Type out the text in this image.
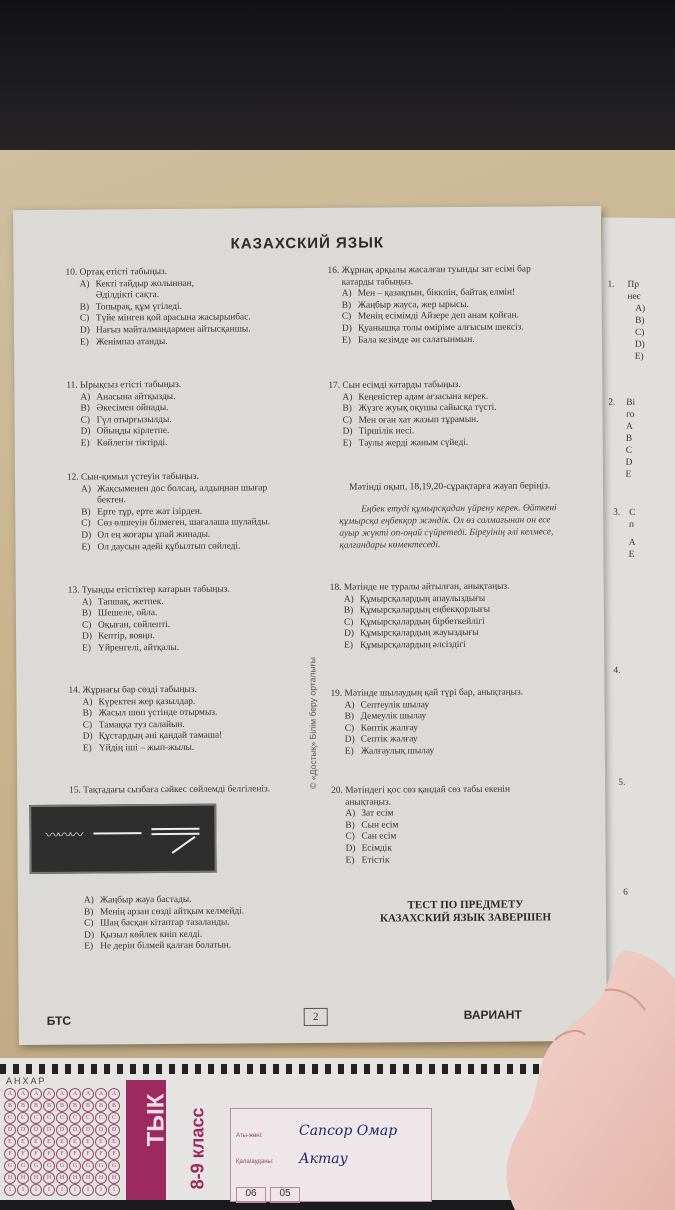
1. Пр
неє
A)
B)
C)
D)
E)
2. Ві
го
A
B
C
D
E
3. C
п
A
E
4.
5.
6
КАЗАХСКИЙ ЯЗЫК

10. Ортақ етісті табыңыз.

A) Кекті тайдыр жолыннан,

Әділдікті сақта.

B) Топырақ, құм үгіледі.

C) Түйе мінген қой арасына жасырынбас.

D) Нағыз майталмандармен айтысқаншы.

E) Женімпаз атанды.

11. Ырықсыз етісті табыңыз.

A) Анасына айтқызды.

B) Әкесімен ойнады.

C) Гүл отырғызылды.

D) Ойыңды кірлетпе.

E) Көйлегін тіктірді.

12. Сын-қимыл үстеуін табыңыз.

A) Жақсыменен дос болсаң, алдыңнан шығар

бектен.

B) Ерте тұр, ерте жат ізірден.

C) Сөз өлшеуін білмеген, шағалаша шулайды.

D) Ол ең жоғары ұпай жинады.

E) Ол даусын әдейі құбылтып сөйледі.

13. Туынды етістіктер катарын табыңыз.

A) Тапшақ, жетпек.

B) Шешеле, ойла.

C) Оқыған, сөйлепті.

D) Кептір, вояңн.

E) Үйренгелі, айтқалы.

14. Жұрнағы бар сөзді табыңыз.

A) Күректен жер қазылдар.

B) Жасыл шөп үстінде отырмыз.

C) Тамаққа туз салайын.

D) Құстардың әні қандай тамаша!

E) Үйдің іші – жып-жылы.

15. Тақтадағы сызбаға сәйкес сөйлемді белгіленіз.

A) Жаңбыр жауа бастады.

B) Менің арзан сөзді айтқым келмейді.

C) Шаң басқан кітаптар тазаланды.

D) Қызыл көйлек киіп келді.

E) Не дерін білмей қалған болатын.

16. Жұрнақ арқылы жасалған туынды зат есімі бар

катарды табыңыз.

A) Мен – қазақпын, біккпін, байтақ елмін!

B) Жаңбыр жауса, жер ырысы.

C) Менің есімімді Айзере деп анам қойған.

D) Қуанышқа толы өміріме алғысым шексіз.

E) Бала кезімде ән салатынмын.

17. Сын есімді катарды табыңыз.

A) Кеңеністер адам ағзасына керек.

B) Жүзге жуық оқушы сайысқа түсті.

C) Мен оған хат жазып тұрамын.

D) Тіршілік иесі.

E) Таулы жерді жаным сүйеді.

18. Мәтінде не туралы айтылған, анықтаңыз.

A) Құмырсқалардың апаулыздығы

B) Құмырсқалардың еңбекқорлығы

C) Құмырсқалардың бірбеткейлігі

D) Құмырсқалардың жауыздығы

E) Құмырсқалардың әлсіздігі

19. Мәтінде шылаудың қай түрі бар, анықтаңыз.

A) Септеулік шылау

B) Демеулік шылау

C) Көптік жалғау

D) Септік жалғау

E) Жалғаулық шылау

20. Мәтіндегі қос сөз қандай сөз табы екенін

анықтаңыз.

A) Зат есім

B) Сын есім

C) Сан есім

D) Есімдік

E) Етістік

Мәтінді оқып, 18,19,20-сұрақтарға жауап беріңіз.
Еңбек етуді құмырсқадан үйрену керек. Өйткені құмырсқа еңбекқор жәндік. Ол өз салмағынан он есе ауыр жүкті оп-оңай сүйретеді. Біреуінің әлі келмесе, қалғандары көмектеседі.
© «Достық» Білім беру орталығы
〰〰〰
ТЕСТ ПО ПРЕДМЕТУ
КАЗАХСКИЙ ЯЗЫК ЗАВЕРШЕН
БТС	2	ВАРИАНТ
АНХАР
A	A	A	A	A	A	A	A	A
B	B	B	B	B	B	B	B	B
C	C	C	C	C	C	C	C	C
D	D	D	D	D	D	D	D	D
E	E	E	E	E	E	E	E	E
F	F	F	F	F	F	F	F	F
G	G	G	G	G	G	G	G	G
H	H	H	H	H	H	H	H	H
I	I	I	I	I	I	I	I	I
ТЫК 8-9 класс	Аты-жөні:	Сапсор Омар
Қала/ауданы: Актау
06	05
